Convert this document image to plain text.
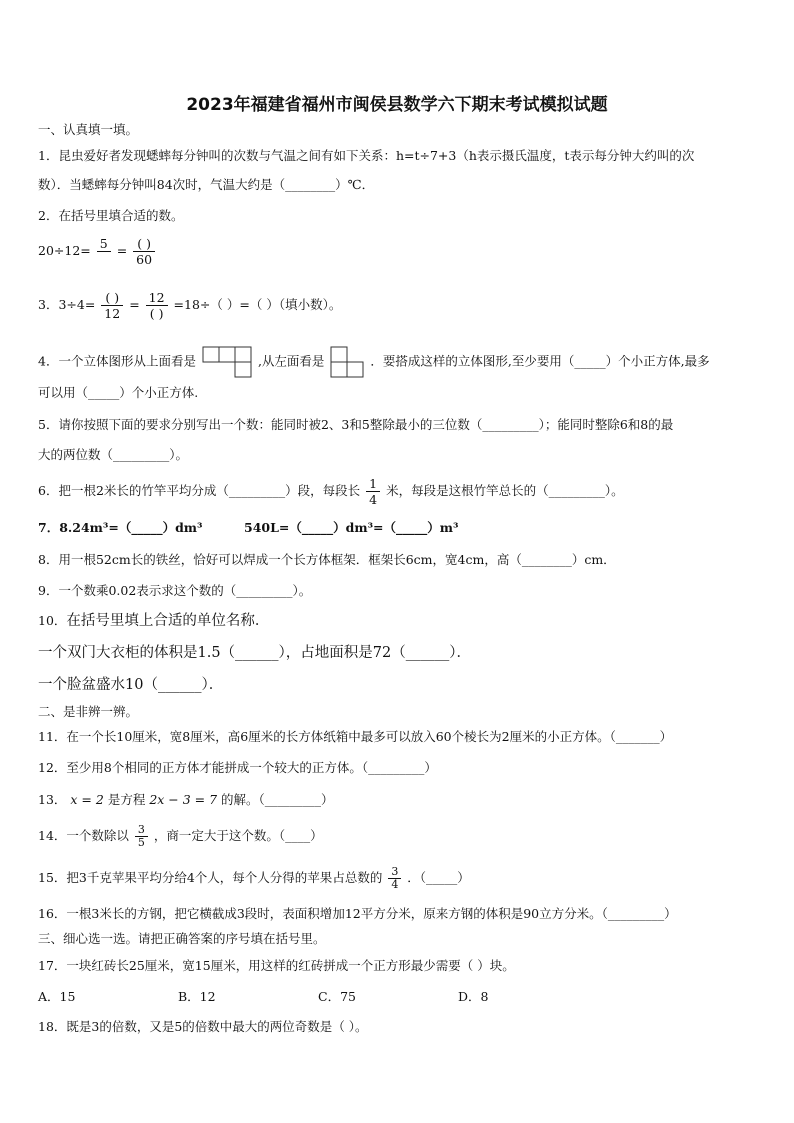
2023年福建省福州市闽侯县数学六下期末考试模拟试题
一、认真填一填。
1．昆虫爱好者发现蟋蟀每分钟叫的次数与气温之间有如下关系：h=t÷7+3（h表示摄氏温度，t表示每分钟大约叫的次
数）．当蟋蟀每分钟叫84次时，气温大约是（________）℃．
2．在括号里填合适的数。
20÷12= 5
= $\frac{( )}{60}$
3．$3\div 4= \frac{( )}{12} = \frac{12}{( )} =18\div$（ ）=（ ）（填小数）。
4．一个立体图形从上面看是	,从左面看是	．要搭成这样的立体图形,至少要用（_____）个小正方体,最多
可以用（_____）个小正方体.
5．请你按照下面的要求分别写出一个数：能同时被2、3和5整除最小的三位数（_________）；能同时整除6和8的最
大的两位数（_________）。
6．把一根2米长的竹竿平均分成（_________）段，每段长 $\frac{1}{4}$ 米，每段是这根竹竿总长的（_________）。
7．8.24m³=（_____）dm³	540L=（_____）dm³=（_____）m³
8．用一根52cm长的铁丝，恰好可以焊成一个长方体框架．框架长6cm，宽4cm，高（________）cm．
9．一个数乘0.02表示求这个数的（_________）。
10．在括号里填上合适的单位名称．
一个双门大衣柜的体积是1.5（______），占地面积是72（______）．
一个脸盆盛水10（______）．
二、是非辨一辨。
11．在一个长10厘米，宽8厘米，高6厘米的长方体纸箱中最多可以放入60个棱长为2厘米的小正方体。（_______）
12．至少用8个相同的正方体才能拼成一个较大的正方体。（_________）
13． x = 2 是方程 2x − 3 = 7 的解。（_________）
14．一个数除以 $\frac{3}{5}$ ，商一定大于这个数。（____）
15．把3千克苹果平均分给4个人，每个人分得的苹果占总数的 $\frac{3}{4}$ ．（_____）
16．一根3米长的方钢，把它横截成3段时，表面积增加12平方分米，原来方钢的体积是90立方分米。（_________）
三、细心选一选。请把正确答案的序号填在括号里。
17．一块红砖长25厘米，宽15厘米，用这样的红砖拼成一个正方形最少需要（ ）块。
A．15	B．12	C．75	D．8
18．既是3的倍数，又是5的倍数中最大的两位奇数是（ ）。
